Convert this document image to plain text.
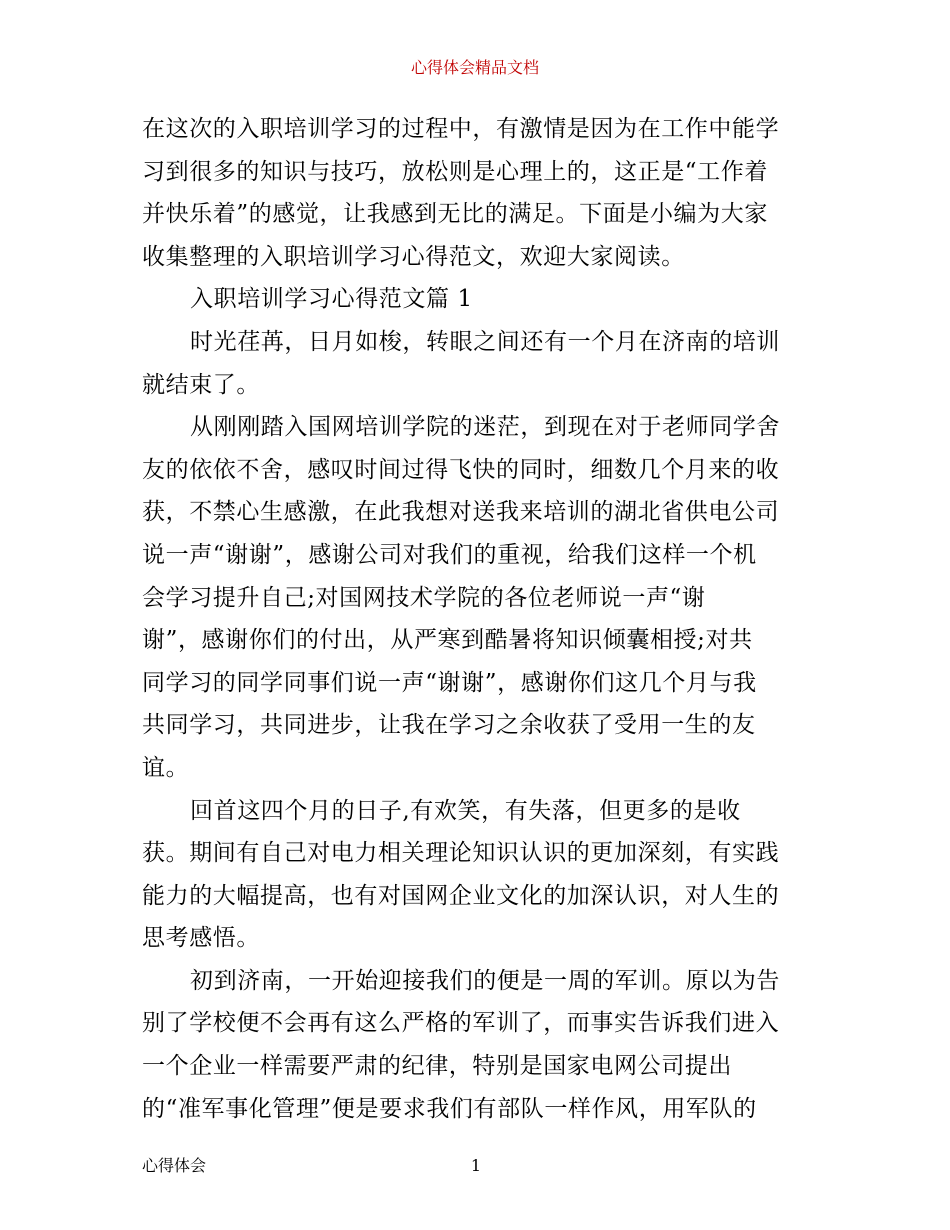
心得体会精品文档
在这次的入职培训学习的过程中，有激情是因为在工作中能学
习到很多的知识与技巧，放松则是心理上的，这正是“工作着
并快乐着”的感觉，让我感到无比的满足。下面是小编为大家
收集整理的入职培训学习心得范文，欢迎大家阅读。
入职培训学习心得范文篇 1
时光荏苒，日月如梭，转眼之间还有一个月在济南的培训
就结束了。
从刚刚踏入国网培训学院的迷茫，到现在对于老师同学舍
友的依依不舍，感叹时间过得飞快的同时，细数几个月来的收
获，不禁心生感激，在此我想对送我来培训的湖北省供电公司
说一声“谢谢”，感谢公司对我们的重视，给我们这样一个机
会学习提升自己;对国网技术学院的各位老师说一声“谢
谢”，感谢你们的付出，从严寒到酷暑将知识倾囊相授;对共
同学习的同学同事们说一声“谢谢”，感谢你们这几个月与我
共同学习，共同进步，让我在学习之余收获了受用一生的友
谊。
回首这四个月的日子,有欢笑，有失落，但更多的是收
获。期间有自己对电力相关理论知识认识的更加深刻，有实践
能力的大幅提高，也有对国网企业文化的加深认识，对人生的
思考感悟。
初到济南，一开始迎接我们的便是一周的军训。原以为告
别了学校便不会再有这么严格的军训了，而事实告诉我们进入
一个企业一样需要严肃的纪律，特别是国家电网公司提出
的“准军事化管理”便是要求我们有部队一样作风，用军队的
心得体会	1
